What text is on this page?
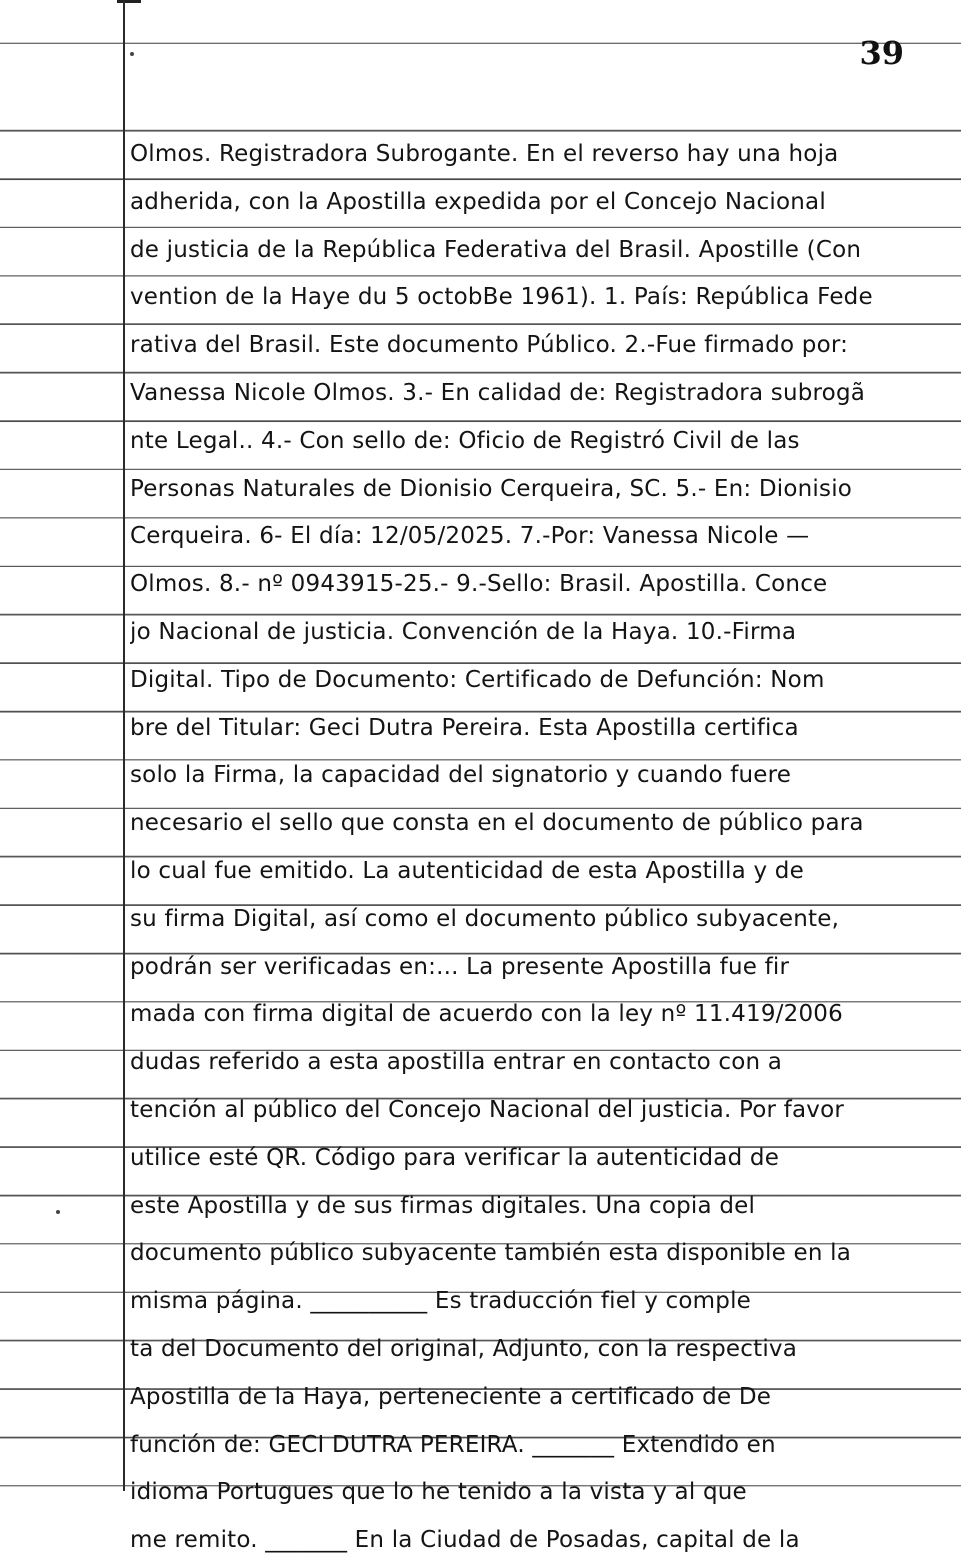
39
Olmos. Registradora Subrogante. En el reverso hay una hoja
adherida, con la Apostilla expedida por el Concejo Nacional
de justicia de la República Federativa del Brasil. Apostille (Con
vention de la Haye du 5 octobBe 1961). 1. País: República Fede
rativa del Brasil. Este documento Público. 2.-Fue firmado por:
Vanessa Nicole Olmos. 3.- En calidad de: Registradora subrogã
nte Legal.. 4.- Con sello de: Oficio de Registró Civil de las
Personas Naturales de Dionisio Cerqueira, SC. 5.- En: Dionisio
Cerqueira. 6- El día: 12/05/2025. 7.-Por: Vanessa Nicole —
Olmos. 8.- nº 0943915-25.- 9.-Sello: Brasil. Apostilla. Conce
jo Nacional de justicia. Convención de la Haya. 10.-Firma
Digital. Tipo de Documento: Certificado de Defunción: Nom
bre del Titular: Geci Dutra Pereira. Esta Apostilla certifica
solo la Firma, la capacidad del signatorio y cuando fuere
necesario el sello que consta en el documento de público para
lo cual fue emitido. La autenticidad de esta Apostilla y de
su firma Digital, así como el documento público subyacente,
podrán ser verificadas en:... La presente Apostilla fue fir
mada con firma digital de acuerdo con la ley nº 11.419/2006
dudas referido a esta apostilla entrar en contacto con a
tención al público del Concejo Nacional del justicia. Por favor
utilice esté QR. Código para verificar la autenticidad de
este Apostilla y de sus firmas digitales. Una copia del
documento público subyacente también esta disponible en la
misma página. __________ Es traducción fiel y comple
ta del Documento del original, Adjunto, con la respectiva
Apostilla de la Haya, perteneciente a certificado de De
función de: GECI DUTRA PEREIRA. _______ Extendido en
idioma Portugues que lo he tenido a la vista y al que
me remito. _______ En la Ciudad de Posadas, capital de la
